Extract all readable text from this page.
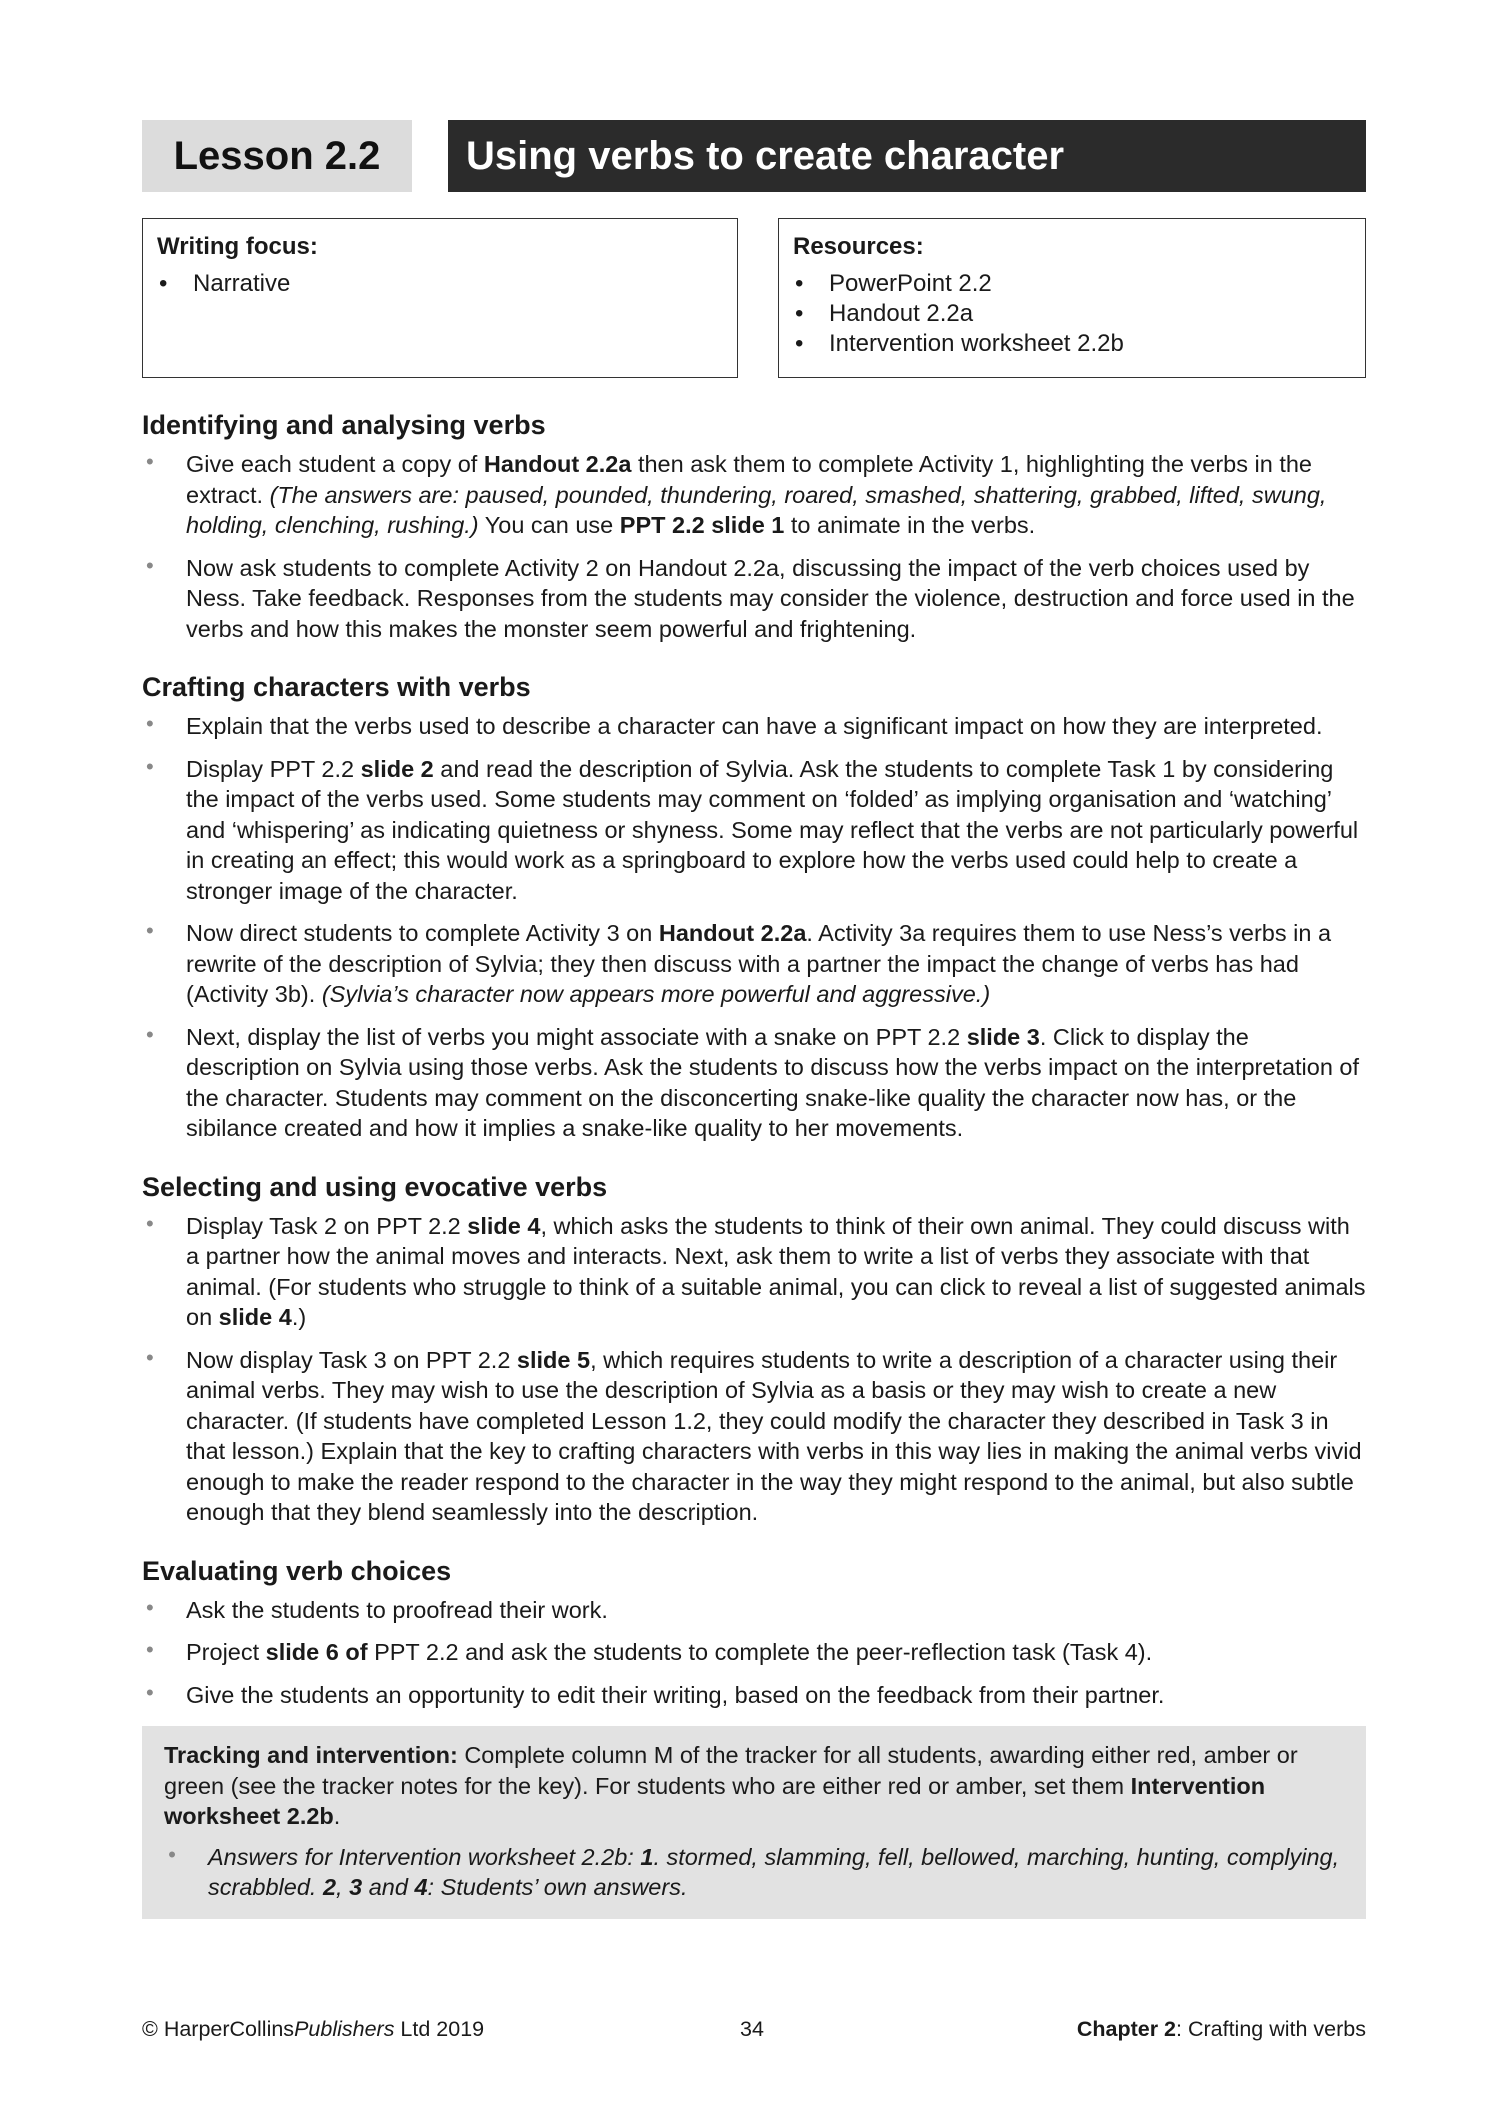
Lesson 2.2	Using verbs to create character
Writing focus:
• Narrative
Resources:
• PowerPoint 2.2
• Handout 2.2a
• Intervention worksheet 2.2b
Identifying and analysing verbs
• Give each student a copy of Handout 2.2a then ask them to complete Activity 1, highlighting the verbs in the extract. (The answers are: paused, pounded, thundering, roared, smashed, shattering, grabbed, lifted, swung, holding, clenching, rushing.) You can use PPT 2.2 slide 1 to animate in the verbs.
• Now ask students to complete Activity 2 on Handout 2.2a, discussing the impact of the verb choices used by Ness. Take feedback. Responses from the students may consider the violence, destruction and force used in the verbs and how this makes the monster seem powerful and frightening.
Crafting characters with verbs
• Explain that the verbs used to describe a character can have a significant impact on how they are interpreted.
• Display PPT 2.2 slide 2 and read the description of Sylvia. Ask the students to complete Task 1 by considering the impact of the verbs used. Some students may comment on ‘folded’ as implying organisation and ‘watching’ and ‘whispering’ as indicating quietness or shyness. Some may reflect that the verbs are not particularly powerful in creating an effect; this would work as a springboard to explore how the verbs used could help to create a stronger image of the character.
• Now direct students to complete Activity 3 on Handout 2.2a. Activity 3a requires them to use Ness’s verbs in a rewrite of the description of Sylvia; they then discuss with a partner the impact the change of verbs has had (Activity 3b). (Sylvia’s character now appears more powerful and aggressive.)
• Next, display the list of verbs you might associate with a snake on PPT 2.2 slide 3. Click to display the description on Sylvia using those verbs. Ask the students to discuss how the verbs impact on the interpretation of the character. Students may comment on the disconcerting snake-like quality the character now has, or the sibilance created and how it implies a snake-like quality to her movements.
Selecting and using evocative verbs
• Display Task 2 on PPT 2.2 slide 4, which asks the students to think of their own animal. They could discuss with a partner how the animal moves and interacts. Next, ask them to write a list of verbs they associate with that animal. (For students who struggle to think of a suitable animal, you can click to reveal a list of suggested animals on slide 4.)
• Now display Task 3 on PPT 2.2 slide 5, which requires students to write a description of a character using their animal verbs. They may wish to use the description of Sylvia as a basis or they may wish to create a new character. (If students have completed Lesson 1.2, they could modify the character they described in Task 3 in that lesson.) Explain that the key to crafting characters with verbs in this way lies in making the animal verbs vivid enough to make the reader respond to the character in the way they might respond to the animal, but also subtle enough that they blend seamlessly into the description.
Evaluating verb choices
• Ask the students to proofread their work.
• Project slide 6 of PPT 2.2 and ask the students to complete the peer-reflection task (Task 4).
• Give the students an opportunity to edit their writing, based on the feedback from their partner.
Tracking and intervention: Complete column M of the tracker for all students, awarding either red, amber or green (see the tracker notes for the key). For students who are either red or amber, set them Intervention worksheet 2.2b.
• Answers for Intervention worksheet 2.2b: 1. stormed, slamming, fell, bellowed, marching, hunting, complying, scrabbled. 2, 3 and 4: Students’ own answers.
© HarperCollinsPublishers Ltd 2019	34	Chapter 2: Crafting with verbs
